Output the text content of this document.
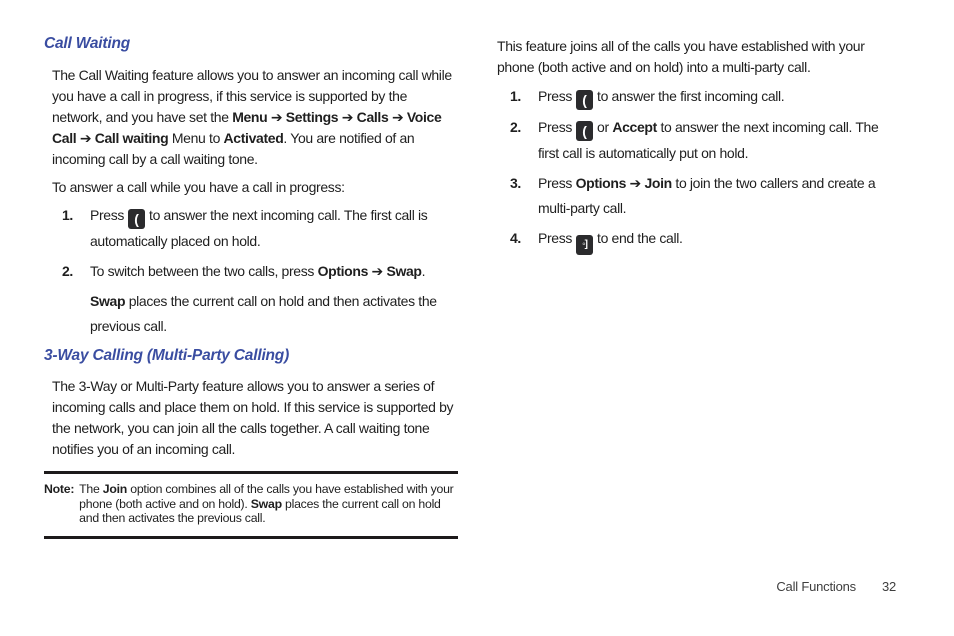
Call Waiting

The Call Waiting feature allows you to answer an incoming call while you have a call in progress, if this service is supported by the network, and you have set the Menu ➔ Settings ➔ Calls ➔ Voice Call ➔ Call waiting Menu to Activated. You are notified of an incoming call by a call waiting tone.

To answer a call while you have a call in progress:

1.	Press ( to answer the next incoming call. The first call is automatically placed on hold.
2.	To switch between the two calls, press Options ➔ Swap.

Swap places the current call on hold and then activates the previous call.

3-Way Calling (Multi-Party Calling)

The 3-Way or Multi-Party feature allows you to answer a series of incoming calls and place them on hold. If this service is supported by the network, you can join all the calls together. A call waiting tone notifies you of an incoming call.

Note: The Join option combines all of the calls you have established with your phone (both active and on hold). Swap places the current call on hold and then activates the previous call.

This feature joins all of the calls you have established with your phone (both active and on hold) into a multi-party call.

1.	Press ( to answer the first incoming call.
2.	Press ( or Accept to answer the next incoming call. The first call is automatically put on hold.
3.	Press Options ➔ Join to join the two callers and create a multi-party call.
4.	Press ◦] to end the call.
Call Functions 32
